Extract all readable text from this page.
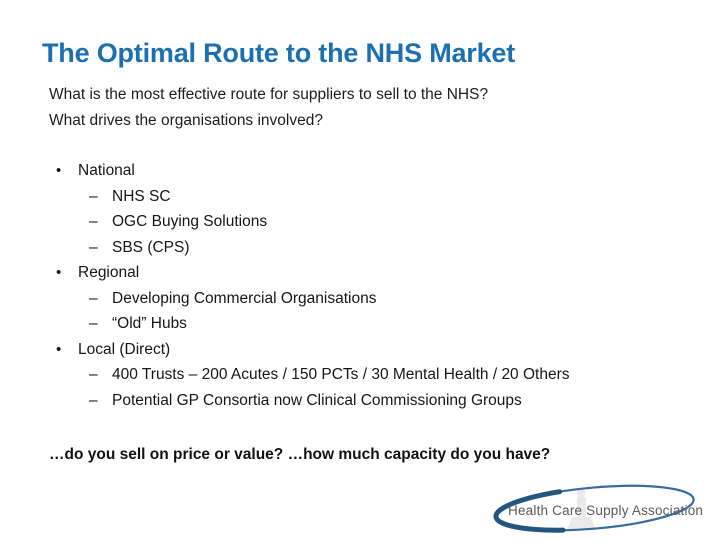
The Optimal Route to the NHS Market
What is the most effective route for suppliers to sell to the NHS?
What drives the organisations involved?
• National
– NHS SC
– OGC Buying Solutions
– SBS (CPS)
• Regional
– Developing Commercial Organisations
– “Old” Hubs
• Local (Direct)
– 400 Trusts – 200 Acutes / 150 PCTs / 30 Mental Health / 20 Others
– Potential GP Consortia now Clinical Commissioning Groups
…do you sell on price or value? …how much capacity do you have?
Health Care Supply Association
